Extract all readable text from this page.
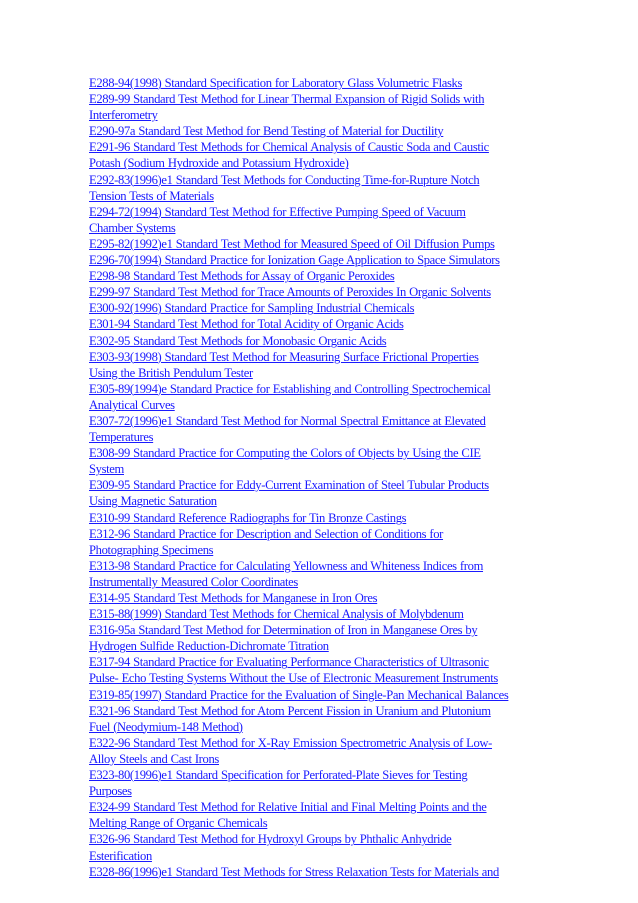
E288-94(1998) Standard Specification for Laboratory Glass Volumetric Flasks
E289-99 Standard Test Method for Linear Thermal Expansion of Rigid Solids with
Interferometry
E290-97a Standard Test Method for Bend Testing of Material for Ductility
E291-96 Standard Test Methods for Chemical Analysis of Caustic Soda and Caustic
Potash (Sodium Hydroxide and Potassium Hydroxide)
E292-83(1996)e1 Standard Test Methods for Conducting Time-for-Rupture Notch
Tension Tests of Materials
E294-72(1994) Standard Test Method for Effective Pumping Speed of Vacuum
Chamber Systems
E295-82(1992)e1 Standard Test Method for Measured Speed of Oil Diffusion Pumps
E296-70(1994) Standard Practice for Ionization Gage Application to Space Simulators
E298-98 Standard Test Methods for Assay of Organic Peroxides
E299-97 Standard Test Method for Trace Amounts of Peroxides In Organic Solvents
E300-92(1996) Standard Practice for Sampling Industrial Chemicals
E301-94 Standard Test Method for Total Acidity of Organic Acids
E302-95 Standard Test Methods for Monobasic Organic Acids
E303-93(1998) Standard Test Method for Measuring Surface Frictional Properties
Using the British Pendulum Tester
E305-89(1994)e Standard Practice for Establishing and Controlling Spectrochemical
Analytical Curves
E307-72(1996)e1 Standard Test Method for Normal Spectral Emittance at Elevated
Temperatures
E308-99 Standard Practice for Computing the Colors of Objects by Using the CIE
System
E309-95 Standard Practice for Eddy-Current Examination of Steel Tubular Products
Using Magnetic Saturation
E310-99 Standard Reference Radiographs for Tin Bronze Castings
E312-96 Standard Practice for Description and Selection of Conditions for
Photographing Specimens
E313-98 Standard Practice for Calculating Yellowness and Whiteness Indices from
Instrumentally Measured Color Coordinates
E314-95 Standard Test Methods for Manganese in Iron Ores
E315-88(1999) Standard Test Methods for Chemical Analysis of Molybdenum
E316-95a Standard Test Method for Determination of Iron in Manganese Ores by
Hydrogen Sulfide Reduction-Dichromate Titration
E317-94 Standard Practice for Evaluating Performance Characteristics of Ultrasonic
Pulse- Echo Testing Systems Without the Use of Electronic Measurement Instruments
E319-85(1997) Standard Practice for the Evaluation of Single-Pan Mechanical Balances
E321-96 Standard Test Method for Atom Percent Fission in Uranium and Plutonium
Fuel (Neodymium-148 Method)
E322-96 Standard Test Method for X-Ray Emission Spectrometric Analysis of Low-
Alloy Steels and Cast Irons
E323-80(1996)e1 Standard Specification for Perforated-Plate Sieves for Testing
Purposes
E324-99 Standard Test Method for Relative Initial and Final Melting Points and the
Melting Range of Organic Chemicals
E326-96 Standard Test Method for Hydroxyl Groups by Phthalic Anhydride
Esterification
E328-86(1996)e1 Standard Test Methods for Stress Relaxation Tests for Materials and
